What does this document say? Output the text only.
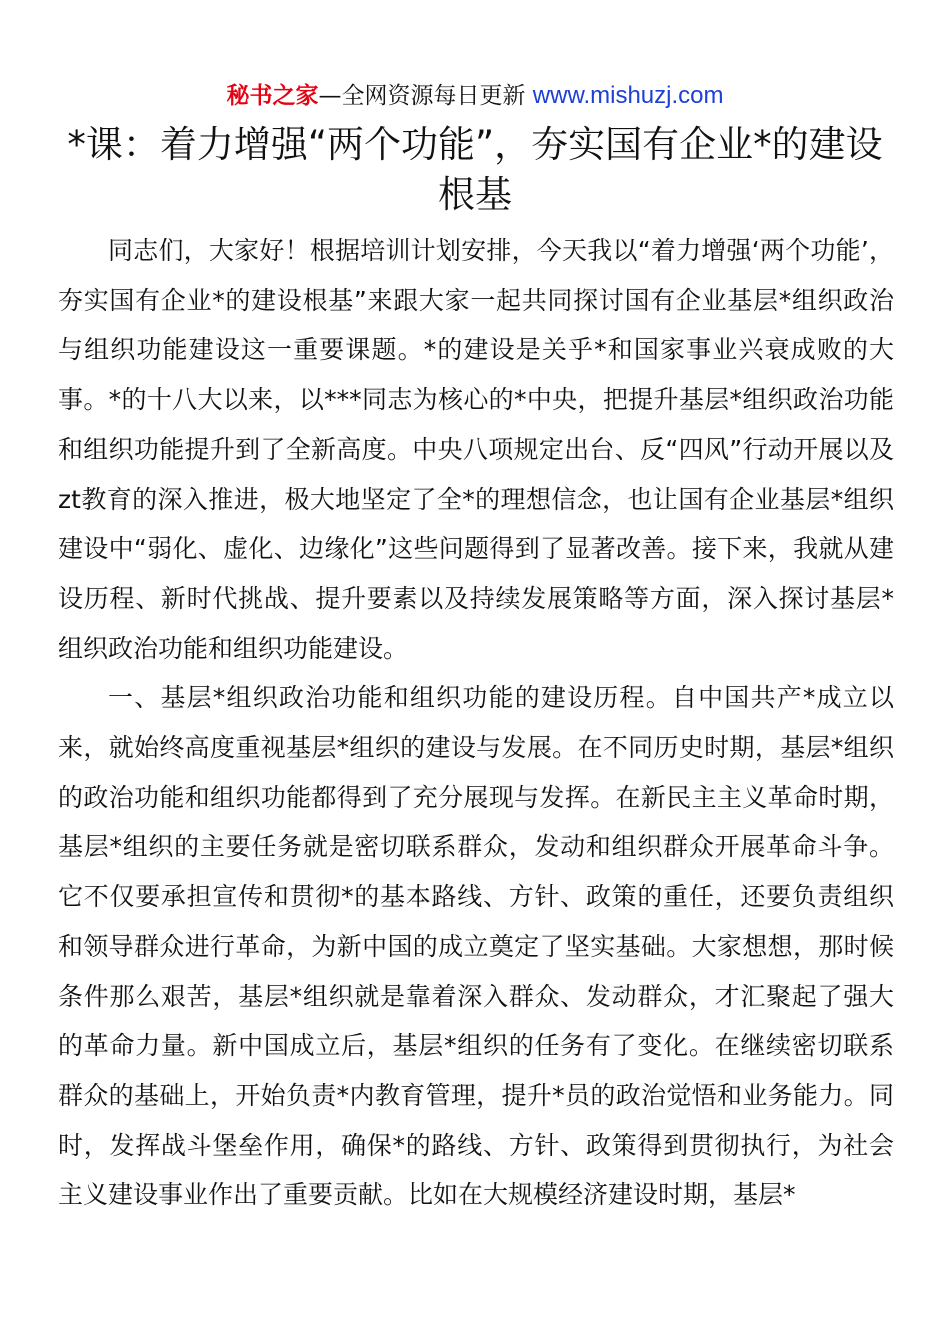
秘书之家—全网资源每日更新 www.mishuzj.com
*课：着力增强“两个功能”，夯实国有企业*的建设根基

同志们，大家好！根据培训计划安排，今天我以“着力增强‘两个功能’，夯实国有企业*的建设根基”来跟大家一起共同探讨国有企业基层*组织政治与组织功能建设这一重要课题。*的建设是关乎*和国家事业兴衰成败的大事。*的十八大以来，以***同志为核心的*中央，把提升基层*组织政治功能和组织功能提升到了全新高度。中央八项规定出台、反“四风”行动开展以及zt教育的深入推进，极大地坚定了全*的理想信念，也让国有企业基层*组织建设中“弱化、虚化、边缘化”这些问题得到了显著改善。接下来，我就从建设历程、新时代挑战、提升要素以及持续发展策略等方面，深入探讨基层*组织政治功能和组织功能建设。

一、基层*组织政治功能和组织功能的建设历程。自中国共产*成立以来，就始终高度重视基层*组织的建设与发展。在不同历史时期，基层*组织的政治功能和组织功能都得到了充分展现与发挥。在新民主主义革命时期，基层*组织的主要任务就是密切联系群众，发动和组织群众开展革命斗争。它不仅要承担宣传和贯彻*的基本路线、方针、政策的重任，还要负责组织和领导群众进行革命，为新中国的成立奠定了坚实基础。大家想想，那时候条件那么艰苦，基层*组织就是靠着深入群众、发动群众，才汇聚起了强大的革命力量。新中国成立后，基层*组织的任务有了变化。在继续密切联系群众的基础上，开始负责*内教育管理，提升*员的政治觉悟和业务能力。同时，发挥战斗堡垒作用，确保*的路线、方针、政策得到贯彻执行，为社会主义建设事业作出了重要贡献。比如在大规模经济建设时期，基层*
